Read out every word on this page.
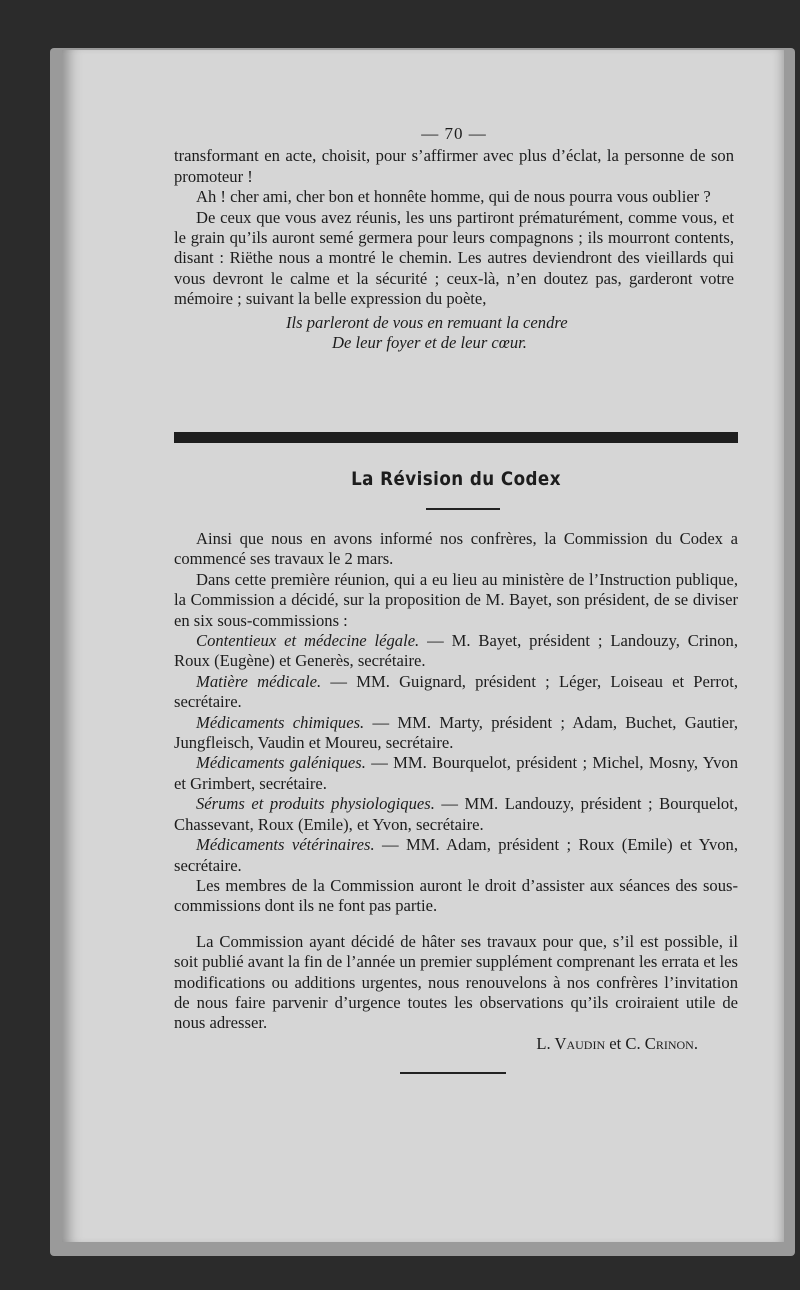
— 70 —

transformant en acte, choisit, pour s’affirmer avec plus d’éclat, la personne de son promoteur !

Ah ! cher ami, cher bon et honnête homme, qui de nous pourra vous oublier ?

De ceux que vous avez réunis, les uns partiront prématurément, comme vous, et le grain qu’ils auront semé germera pour leurs compagnons ; ils mourront contents, disant : Riëthe nous a montré le chemin. Les autres deviendront des vieillards qui vous devront le calme et la sécurité ; ceux-là, n’en doutez pas, garderont votre mémoire ; suivant la belle expression du poète,

Ils parleront de vous en remuant la cendre
De leur foyer et de leur cœur.
La Révision du Codex

Ainsi que nous en avons informé nos confrères, la Commission du Codex a commencé ses travaux le 2 mars.

Dans cette première réunion, qui a eu lieu au ministère de l’Instruction publique, la Commission a décidé, sur la proposition de M. Bayet, son président, de se diviser en six sous-commissions :

Contentieux et médecine légale. — M. Bayet, président ; Landouzy, Crinon, Roux (Eugène) et Generès, secrétaire.

Matière médicale. — MM. Guignard, président ; Léger, Loiseau et Perrot, secrétaire.

Médicaments chimiques. — MM. Marty, président ; Adam, Buchet, Gautier, Jungfleisch, Vaudin et Moureu, secrétaire.

Médicaments galéniques. — MM. Bourquelot, président ; Michel, Mosny, Yvon et Grimbert, secrétaire.

Sérums et produits physiologiques. — MM. Landouzy, président ; Bourquelot, Chassevant, Roux (Emile), et Yvon, secrétaire.

Médicaments vétérinaires. — MM. Adam, président ; Roux (Emile) et Yvon, secrétaire.

Les membres de la Commission auront le droit d’assister aux séances des sous-commissions dont ils ne font pas partie.

La Commission ayant décidé de hâter ses travaux pour que, s’il est possible, il soit publié avant la fin de l’année un premier supplément comprenant les errata et les modifications ou additions urgentes, nous renouvelons à nos confrères l’invitation de nous faire parvenir d’urgence toutes les observations qu’ils croiraient utile de nous adresser.

L. Vaudin et C. Crinon.
